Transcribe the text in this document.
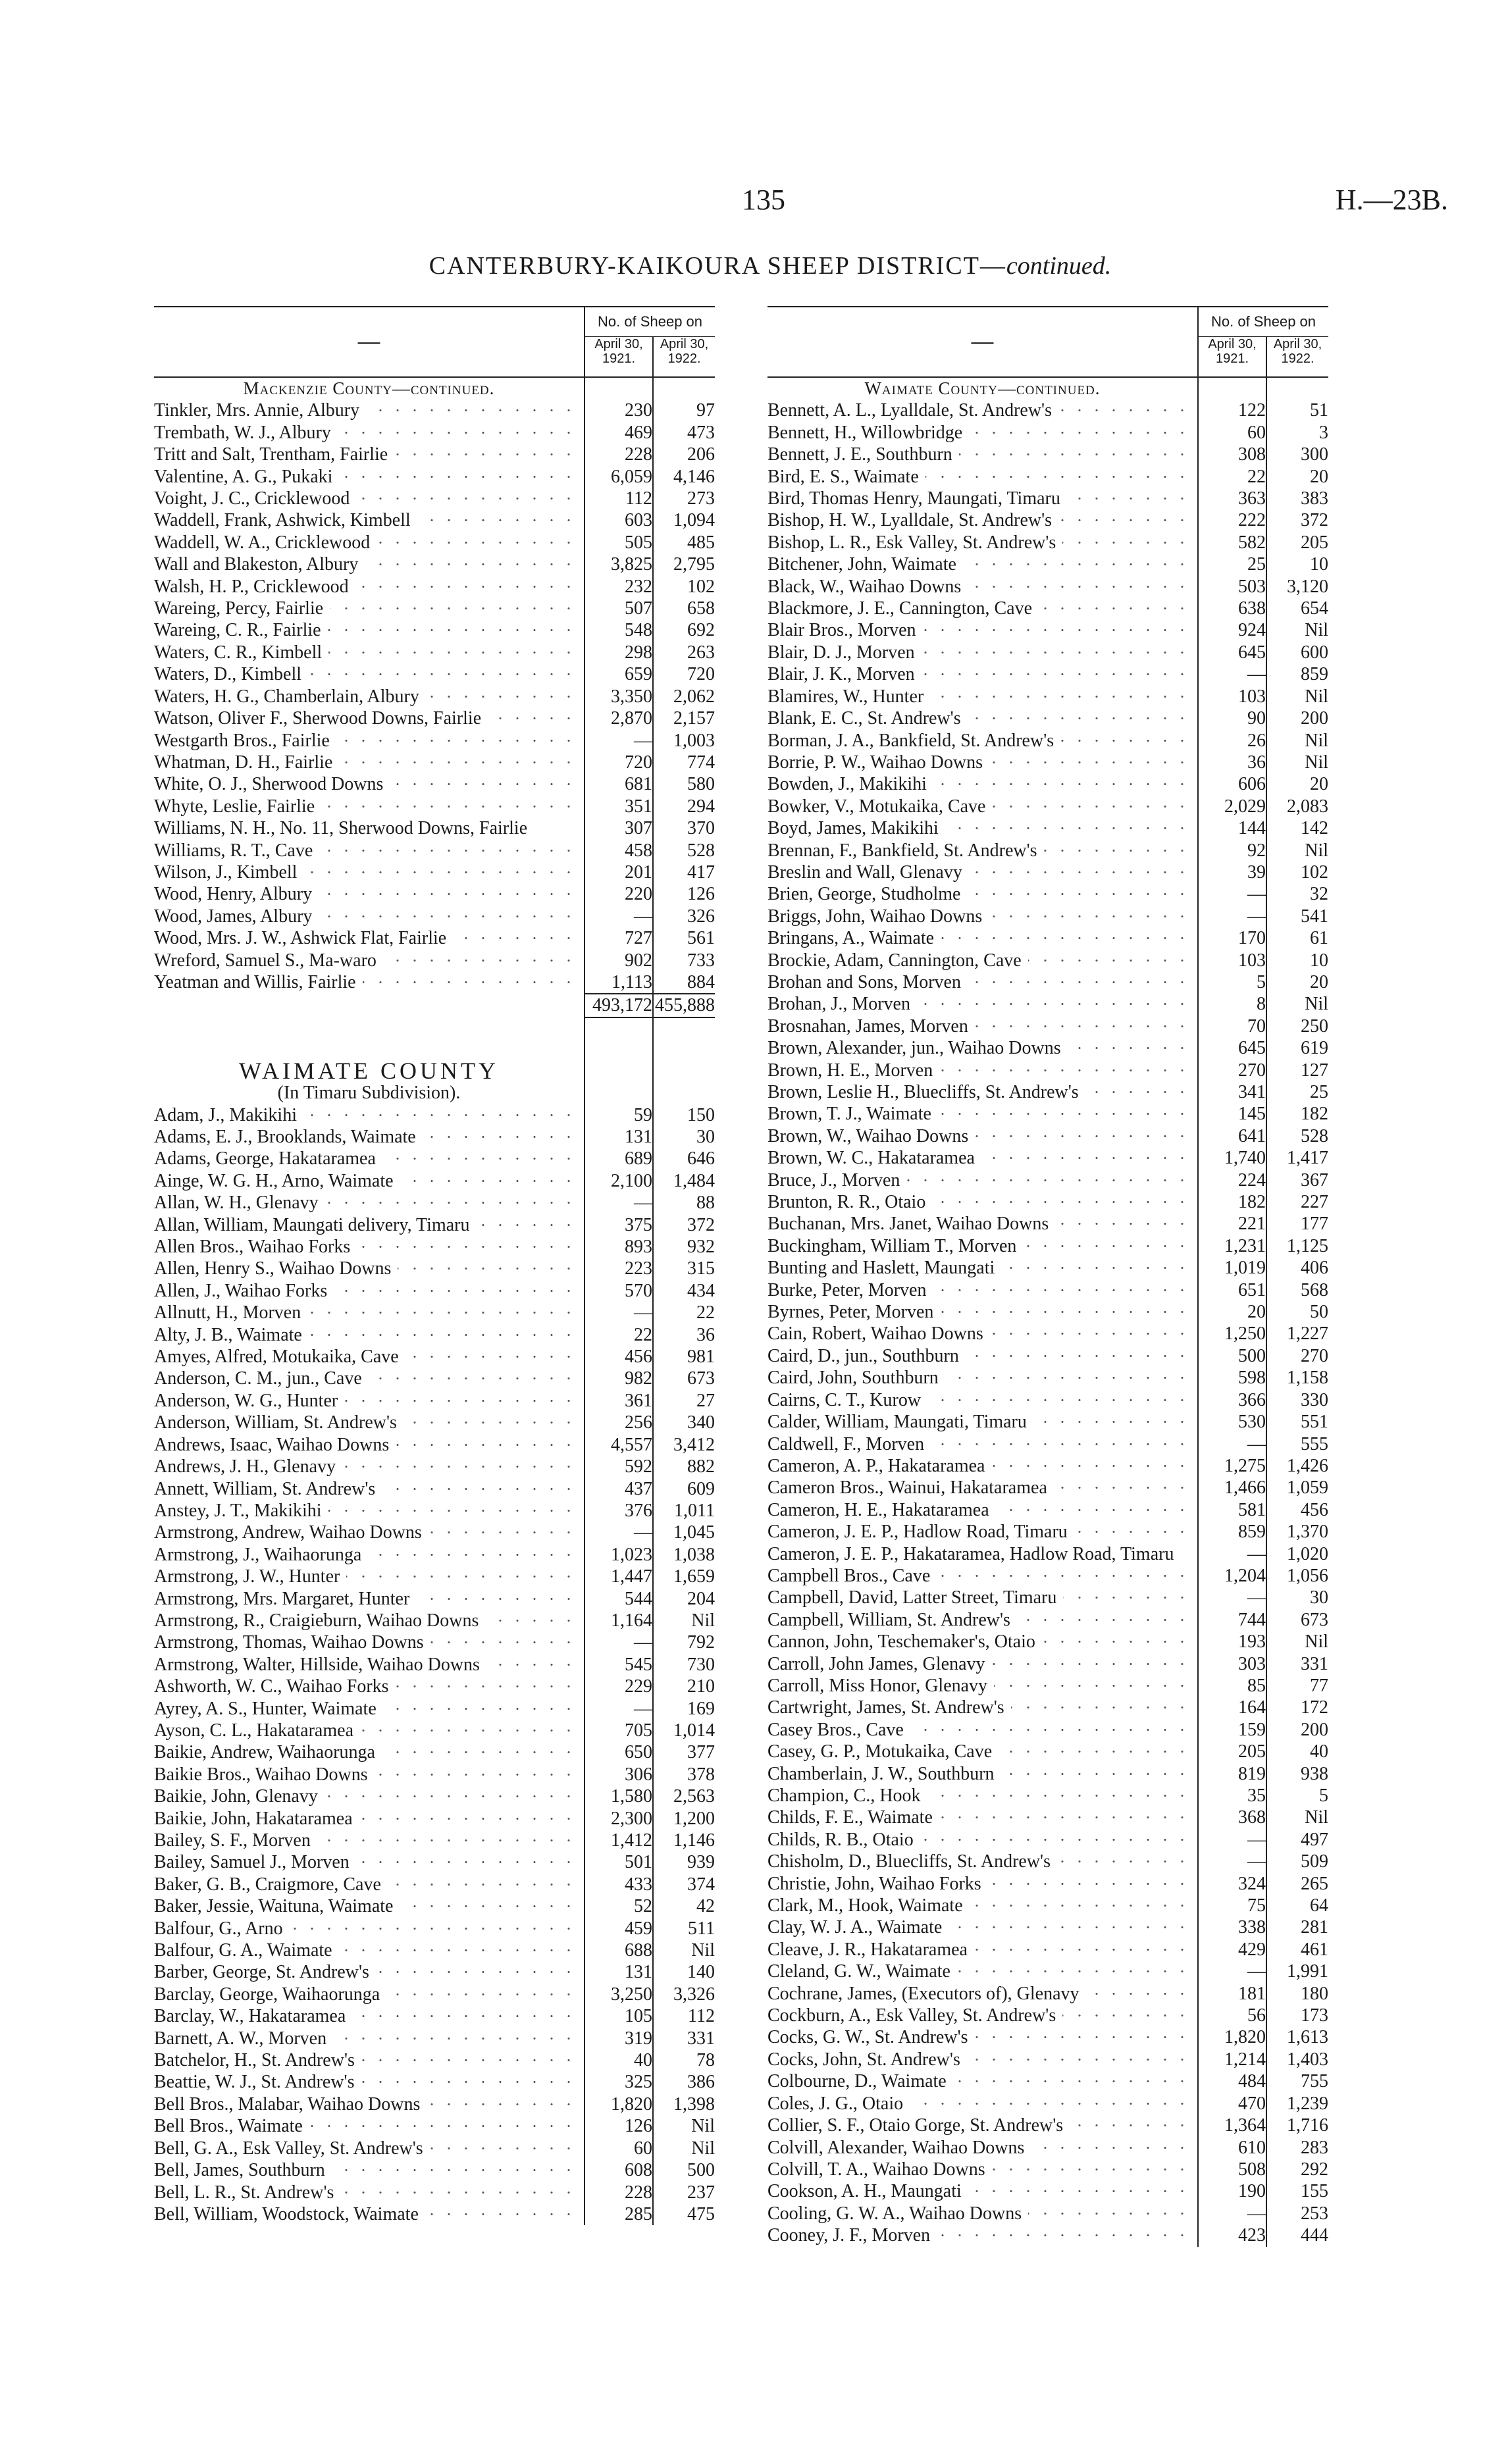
135	H.—23B.
CANTERBURY-KAIKOURA SHEEP DISTRICT—continued.
—	No. of Sheep on	

	April 30,
1921.	April 30,
1922.

Mackenzie County—continued.		
Tinkler, Mrs. Annie, Albury	230	97
Trembath, W. J., Albury	469	473
Tritt and Salt, Trentham, Fairlie	228	206
Valentine, A. G., Pukaki	6,059	4,146
Voight, J. C., Cricklewood	112	273
Waddell, Frank, Ashwick, Kimbell	603	1,094
Waddell, W. A., Cricklewood	505	485
Wall and Blakeston, Albury	3,825	2,795
Walsh, H. P., Cricklewood	232	102
Wareing, Percy, Fairlie	507	658
Wareing, C. R., Fairlie	548	692
Waters, C. R., Kimbell	298	263
Waters, D., Kimbell	659	720
Waters, H. G., Chamberlain, Albury	3,350	2,062
Watson, Oliver F., Sherwood Downs, Fairlie	2,870	2,157
Westgarth Bros., Fairlie	—	1,003
Whatman, D. H., Fairlie	720	774
White, O. J., Sherwood Downs	681	580
Whyte, Leslie, Fairlie	351	294
Williams, N. H., No. 11, Sherwood Downs, Fairlie	307	370
Williams, R. T., Cave	458	528
Wilson, J., Kimbell	201	417
Wood, Henry, Albury	220	126
Wood, James, Albury	—	326
Wood, Mrs. J. W., Ashwick Flat, Fairlie	727	561
Wreford, Samuel S., Ma-waro	902	733
Yeatman and Willis, Fairlie	1,113	884
	493,172	455,888

WAIMATE COUNTY		
(In Timaru Subdivision).		
Adam, J., Makikihi	59	150
Adams, E. J., Brooklands, Waimate	131	30
Adams, George, Hakataramea	689	646
Ainge, W. G. H., Arno, Waimate	2,100	1,484
Allan, W. H., Glenavy	—	88
Allan, William, Maungati delivery, Timaru	375	372
Allen Bros., Waihao Forks	893	932
Allen, Henry S., Waihao Downs	223	315
Allen, J., Waihao Forks	570	434
Allnutt, H., Morven	—	22
Alty, J. B., Waimate	22	36
Amyes, Alfred, Motukaika, Cave	456	981
Anderson, C. M., jun., Cave	982	673
Anderson, W. G., Hunter	361	27
Anderson, William, St. Andrew's	256	340
Andrews, Isaac, Waihao Downs	4,557	3,412
Andrews, J. H., Glenavy	592	882
Annett, William, St. Andrew's	437	609
Anstey, J. T., Makikihi	376	1,011
Armstrong, Andrew, Waihao Downs	—	1,045
Armstrong, J., Waihaorunga	1,023	1,038
Armstrong, J. W., Hunter	1,447	1,659
Armstrong, Mrs. Margaret, Hunter	544	204
Armstrong, R., Craigieburn, Waihao Downs	1,164	Nil
Armstrong, Thomas, Waihao Downs	—	792
Armstrong, Walter, Hillside, Waihao Downs	545	730
Ashworth, W. C., Waihao Forks	229	210
Ayrey, A. S., Hunter, Waimate	—	169
Ayson, C. L., Hakataramea	705	1,014
Baikie, Andrew, Waihaorunga	650	377
Baikie Bros., Waihao Downs	306	378
Baikie, John, Glenavy	1,580	2,563
Baikie, John, Hakataramea	2,300	1,200
Bailey, S. F., Morven	1,412	1,146
Bailey, Samuel J., Morven	501	939
Baker, G. B., Craigmore, Cave	433	374
Baker, Jessie, Waituna, Waimate	52	42
Balfour, G., Arno	459	511
Balfour, G. A., Waimate	688	Nil
Barber, George, St. Andrew's	131	140
Barclay, George, Waihaorunga	3,250	3,326
Barclay, W., Hakataramea	105	112
Barnett, A. W., Morven	319	331
Batchelor, H., St. Andrew's	40	78
Beattie, W. J., St. Andrew's	325	386
Bell Bros., Malabar, Waihao Downs	1,820	1,398
Bell Bros., Waimate	126	Nil
Bell, G. A., Esk Valley, St. Andrew's	60	Nil
Bell, James, Southburn	608	500
Bell, L. R., St. Andrew's	228	237
Bell, William, Woodstock, Waimate	285	475
—	No. of Sheep on	

	April 30,
1921.	April 30,
1922.

Waimate County—continued.		
Bennett, A. L., Lyalldale, St. Andrew's	122	51
Bennett, H., Willowbridge	60	3
Bennett, J. E., Southburn	308	300
Bird, E. S., Waimate	22	20
Bird, Thomas Henry, Maungati, Timaru	363	383
Bishop, H. W., Lyalldale, St. Andrew's	222	372
Bishop, L. R., Esk Valley, St. Andrew's	582	205
Bitchener, John, Waimate	25	10
Black, W., Waihao Downs	503	3,120
Blackmore, J. E., Cannington, Cave	638	654
Blair Bros., Morven	924	Nil
Blair, D. J., Morven	645	600
Blair, J. K., Morven	—	859
Blamires, W., Hunter	103	Nil
Blank, E. C., St. Andrew's	90	200
Borman, J. A., Bankfield, St. Andrew's	26	Nil
Borrie, P. W., Waihao Downs	36	Nil
Bowden, J., Makikihi	606	20
Bowker, V., Motukaika, Cave	2,029	2,083
Boyd, James, Makikihi	144	142
Brennan, F., Bankfield, St. Andrew's	92	Nil
Breslin and Wall, Glenavy	39	102
Brien, George, Studholme	—	32
Briggs, John, Waihao Downs	—	541
Bringans, A., Waimate	170	61
Brockie, Adam, Cannington, Cave	103	10
Brohan and Sons, Morven	5	20
Brohan, J., Morven	8	Nil
Brosnahan, James, Morven	70	250
Brown, Alexander, jun., Waihao Downs	645	619
Brown, H. E., Morven	270	127
Brown, Leslie H., Bluecliffs, St. Andrew's	341	25
Brown, T. J., Waimate	145	182
Brown, W., Waihao Downs	641	528
Brown, W. C., Hakataramea	1,740	1,417
Bruce, J., Morven	224	367
Brunton, R. R., Otaio	182	227
Buchanan, Mrs. Janet, Waihao Downs	221	177
Buckingham, William T., Morven	1,231	1,125
Bunting and Haslett, Maungati	1,019	406
Burke, Peter, Morven	651	568
Byrnes, Peter, Morven	20	50
Cain, Robert, Waihao Downs	1,250	1,227
Caird, D., jun., Southburn	500	270
Caird, John, Southburn	598	1,158
Cairns, C. T., Kurow	366	330
Calder, William, Maungati, Timaru	530	551
Caldwell, F., Morven	—	555
Cameron, A. P., Hakataramea	1,275	1,426
Cameron Bros., Wainui, Hakataramea	1,466	1,059
Cameron, H. E., Hakataramea	581	456
Cameron, J. E. P., Hadlow Road, Timaru	859	1,370
Cameron, J. E. P., Hakataramea, Hadlow Road, Timaru	—	1,020
Campbell Bros., Cave	1,204	1,056
Campbell, David, Latter Street, Timaru	—	30
Campbell, William, St. Andrew's	744	673
Cannon, John, Teschemaker's, Otaio	193	Nil
Carroll, John James, Glenavy	303	331
Carroll, Miss Honor, Glenavy	85	77
Cartwright, James, St. Andrew's	164	172
Casey Bros., Cave	159	200
Casey, G. P., Motukaika, Cave	205	40
Chamberlain, J. W., Southburn	819	938
Champion, C., Hook	35	5
Childs, F. E., Waimate	368	Nil
Childs, R. B., Otaio	—	497
Chisholm, D., Bluecliffs, St. Andrew's	—	509
Christie, John, Waihao Forks	324	265
Clark, M., Hook, Waimate	75	64
Clay, W. J. A., Waimate	338	281
Cleave, J. R., Hakataramea	429	461
Cleland, G. W., Waimate	—	1,991
Cochrane, James, (Executors of), Glenavy	181	180
Cockburn, A., Esk Valley, St. Andrew's	56	173
Cocks, G. W., St. Andrew's	1,820	1,613
Cocks, John, St. Andrew's	1,214	1,403
Colbourne, D., Waimate	484	755
Coles, J. G., Otaio	470	1,239
Collier, S. F., Otaio Gorge, St. Andrew's	1,364	1,716
Colvill, Alexander, Waihao Downs	610	283
Colvill, T. A., Waihao Downs	508	292
Cookson, A. H., Maungati	190	155
Cooling, G. W. A., Waihao Downs	—	253
Cooney, J. F., Morven	423	444
